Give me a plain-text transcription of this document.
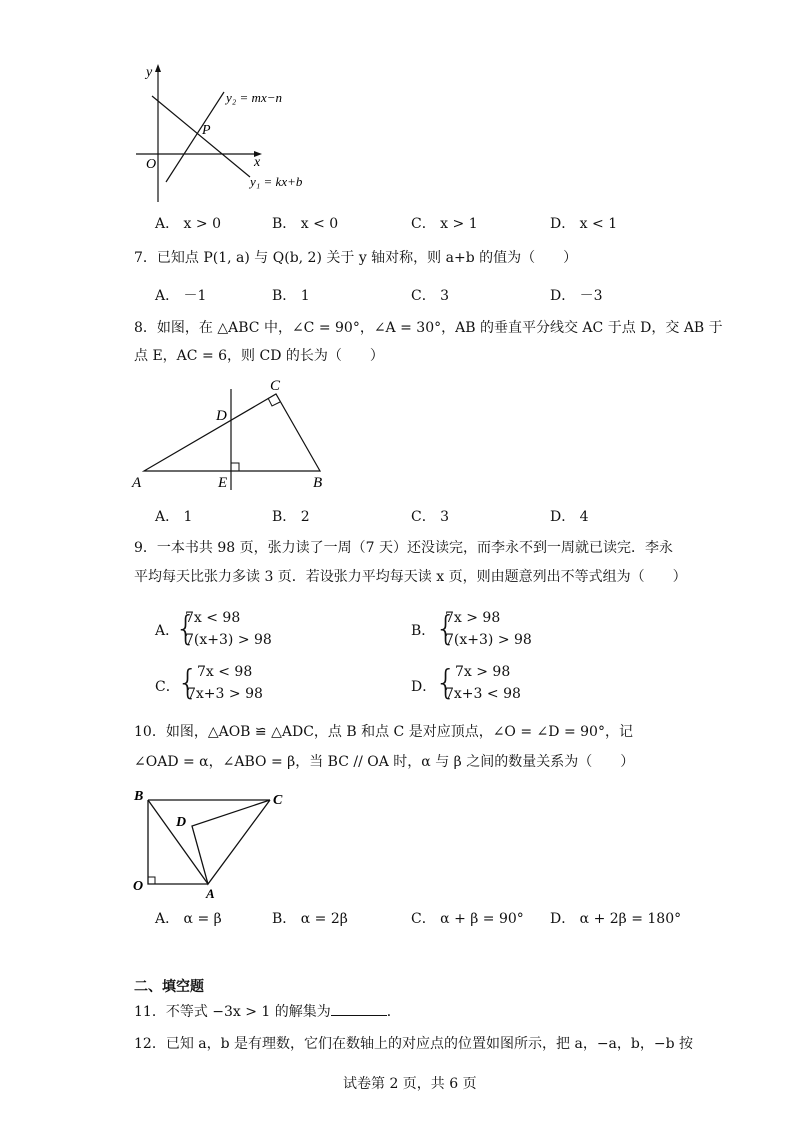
y
x
O
P
y₂ = mx−n
y₁ = kx+b
A． x > 0	B． x < 0	C． x > 1	D． x < 1
7．已知点 P(1, a) 与 Q(b, 2) 关于 y 轴对称，则 a+b 的值为（　　）
A． －1	B． 1	C． 3	D． －3
8．如图，在 △ABC 中，∠C = 90°，∠A = 30°，AB 的垂直平分线交 AC 于点 D，交 AB 于
点 E，AC = 6，则 CD 的长为（　　）
A	B
C
D
E
A． 1	B． 2	C． 3	D． 4
9．一本书共 98 页，张力读了一周（7 天）还没读完，而李永不到一周就已读完．李永
平均每天比张力多读 3 页．若设张力平均每天读 x 页，则由题意列出不等式组为（　　）
A．
{
7x < 98
7(x+3) > 98
B． {
7x > 98
7(x+3) > 98
C．
{
7x < 98
7x+3 > 98	D．
{
7x > 98
7x+3 < 98
10．如图，△AOB ≌ △ADC，点 B 和点 C 是对应顶点，∠O = ∠D = 90°，记
∠OAD = α，∠ABO = β，当 BC // OA 时，α 与 β 之间的数量关系为（　　）
B	C
D
O	A
A． α = β	B． α = 2β	C． α + β = 90° D． α + 2β = 180°
二、填空题
11．不等式 −3x > 1 的解集为	．
12．已知 a，b 是有理数，它们在数轴上的对应点的位置如图所示，把 a，−a，b，−b 按
试卷第 2 页，共 6 页
